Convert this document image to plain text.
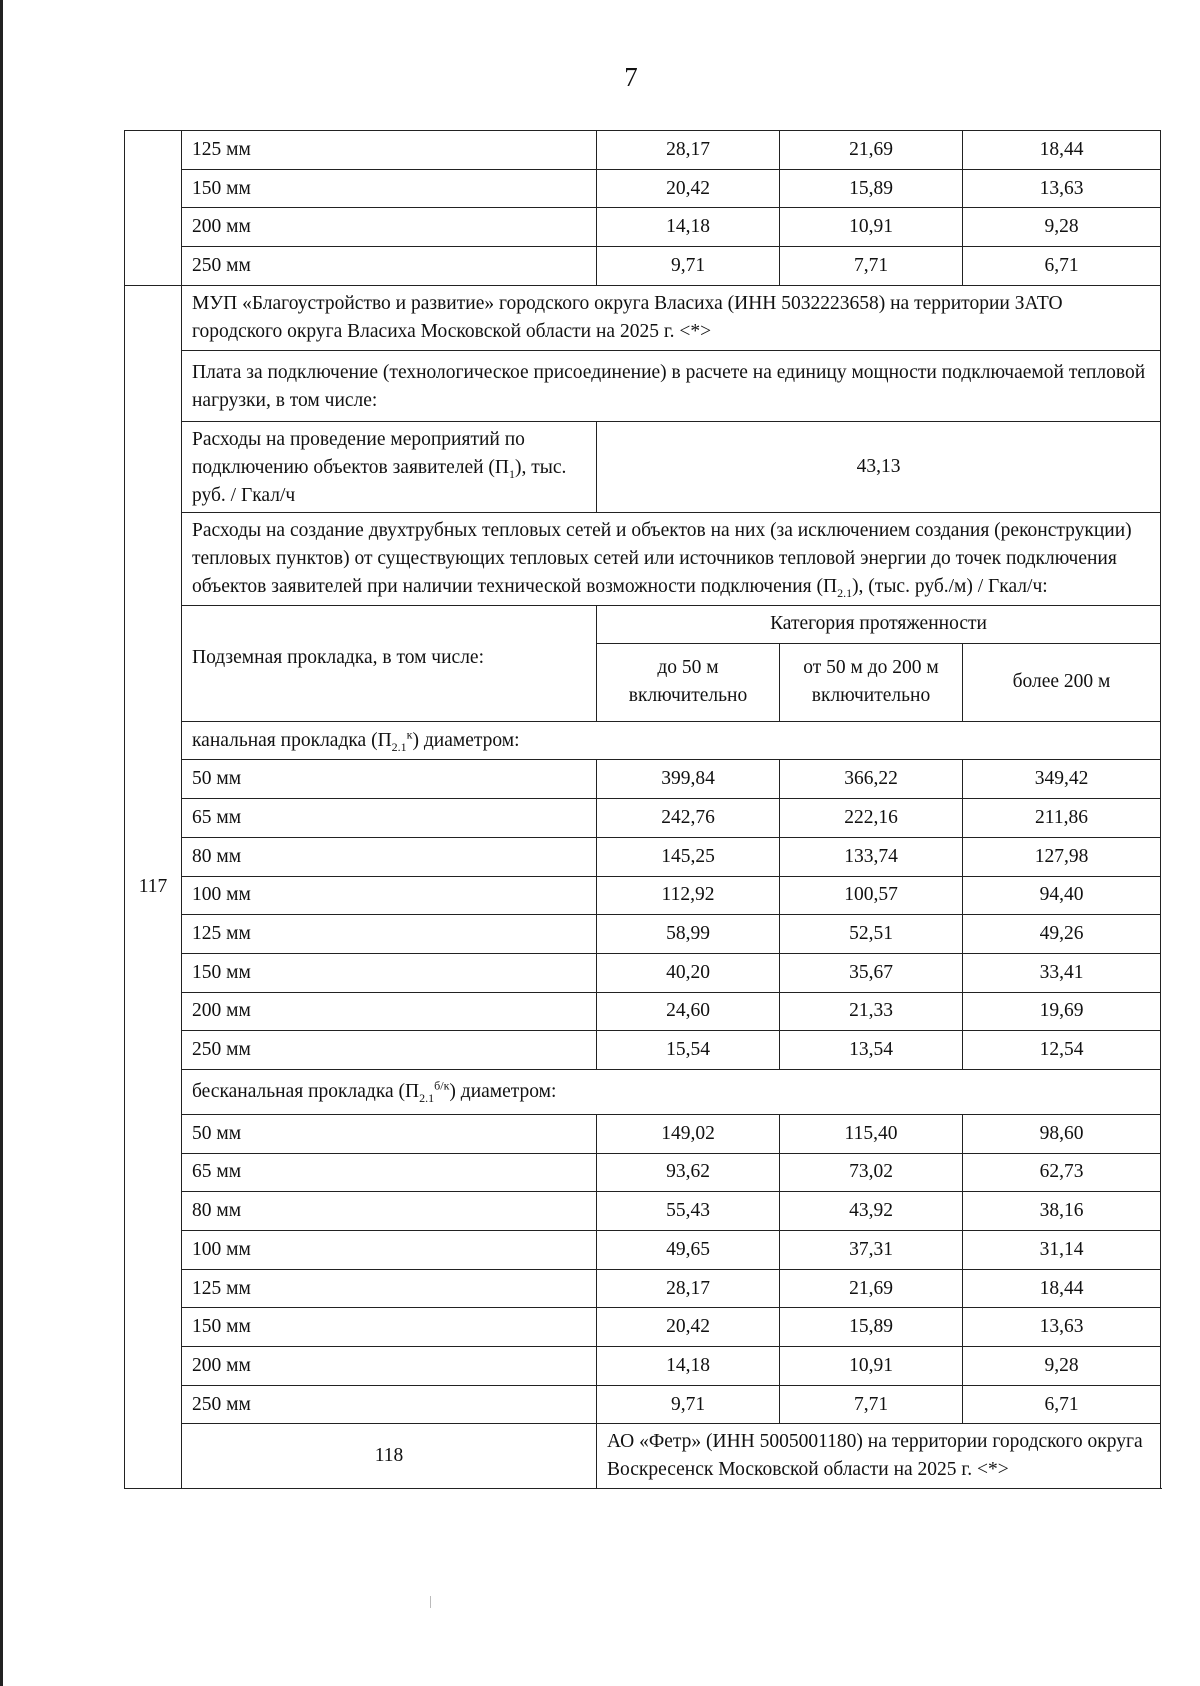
7
	125 мм	28,17	21,69	18,44
	150 мм	20,42	15,89	13,63
	200 мм	14,18	10,91	9,28
	250 мм	9,71	7,71	6,71
117	МУП «Благоустройство и развитие» городского округа Власиха (ИНН 5032223658) на территории ЗАТО городского округа Власиха Московской области на 2025 г. <*>			
	Плата за подключение (технологическое присоединение) в расчете на единицу мощности подключаемой тепловой нагрузки, в том числе:			
	Расходы на проведение мероприятий по подключению объектов заявителей $(П_1)$, тыс. руб. / Гкал/ч	43,13		
	Расходы на создание двухтрубных тепловых сетей и объектов на них (за исключением создания (реконструкции) тепловых пунктов) от существующих тепловых сетей или источников тепловой энергии до точек подключения объектов заявителей при наличии технической возможности подключения $(П_{2.1})$, (тыс. руб./м) / Гкал/ч:			
	Подземная прокладка, в том числе:	Категория протяженности		
		до 50 м включительно	от 50 м до 200 м включительно	более 200 м
	канальная прокладка $(П_{2.1}^к)$ диаметром:			
	50 мм	399,84	366,22	349,42
	65 мм	242,76	222,16	211,86
	80 мм	145,25	133,74	127,98
	100 мм	112,92	100,57	94,40
	125 мм	58,99	52,51	49,26
	150 мм	40,20	35,67	33,41
	200 мм	24,60	21,33	19,69
	250 мм	15,54	13,54	12,54
	бесканальная прокладка $(П_{2.1}^{б/к})$ диаметром:			
	50 мм	149,02	115,40	98,60
	65 мм	93,62	73,02	62,73
	80 мм	55,43	43,92	38,16
	100 мм	49,65	37,31	31,14
	125 мм	28,17	21,69	18,44
	150 мм	20,42	15,89	13,63
	200 мм	14,18	10,91	9,28
	250 мм	9,71	7,71	6,71
	118	АО «Фетр» (ИНН 5005001180) на территории городского округа Воскресенск Московской области на 2025 г. <*>		
